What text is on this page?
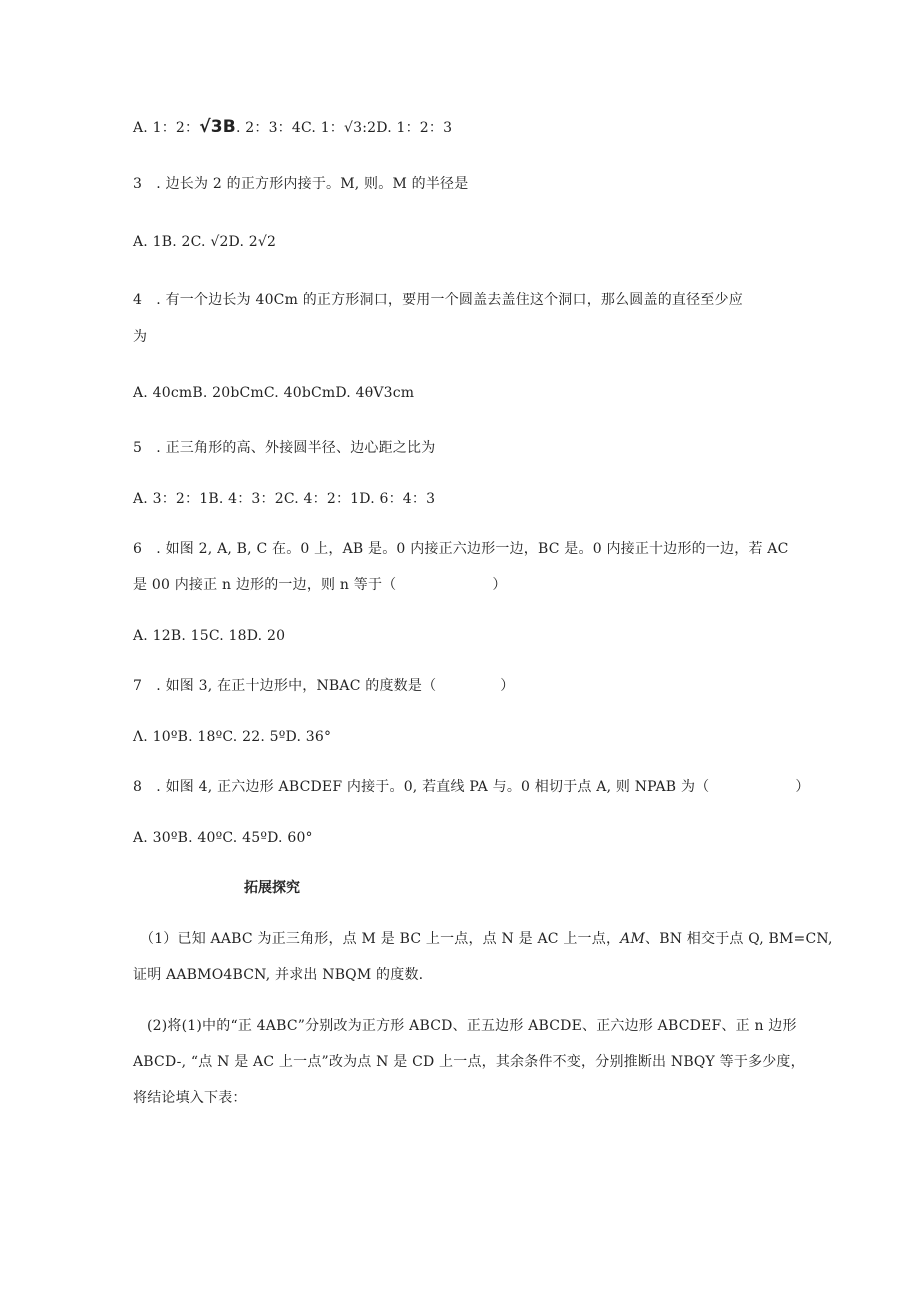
A. 1：2：√3B. 2：3：4C. 1：√3:2D. 1：2：3
3　. 边长为 2 的正方形内接于。M, 则。M 的半径是
A. 1B. 2C. √2D. 2√2
4　. 有一个边长为 40Cm 的正方形洞口，要用一个圆盖去盖住这个洞口，那么圆盖的直径至少应
为
A. 40cmB. 20bCmC. 40bCmD. 4θV3cm
5　. 正三角形的高、外接圆半径、边心距之比为
A. 3：2：1B. 4：3：2C. 4：2：1D. 6：4：3
6　. 如图 2, A, B, C 在。0 上，AB 是。0 内接正六边形一边，BC 是。0 内接正十边形的一边，若 AC
是 00 内接正 n 边形的一边，则 n 等于（	）
A. 12B. 15C. 18D. 20
7　. 如图 3, 在正十边形中，NBAC 的度数是（	）
Λ. 10ºB. 18ºC. 22. 5ºD. 36°
8　. 如图 4, 正六边形 ABCDEF 内接于。0, 若直线 PA 与。0 相切于点 A, 则 NPAB 为（	）
A. 30ºB. 40ºC. 45ºD. 60°
拓展探究
（1）已知 AABC 为正三角形，点 M 是 BC 上一点，点 N 是 AC 上一点，AM、BN 相交于点 Q, BM=CN,
证明 AABMO4BCN, 并求出 NBQM 的度数.
(2)将(1)中的“正 4ABC”分别改为正方形 ABCD、正五边形 ABCDE、正六边形 ABCDEF、正 n 边形
ABCD-, “点 N 是 AC 上一点”改为点 N 是 CD 上一点，其余条件不变，分别推断出 NBQY 等于多少度，
将结论填入下表：
